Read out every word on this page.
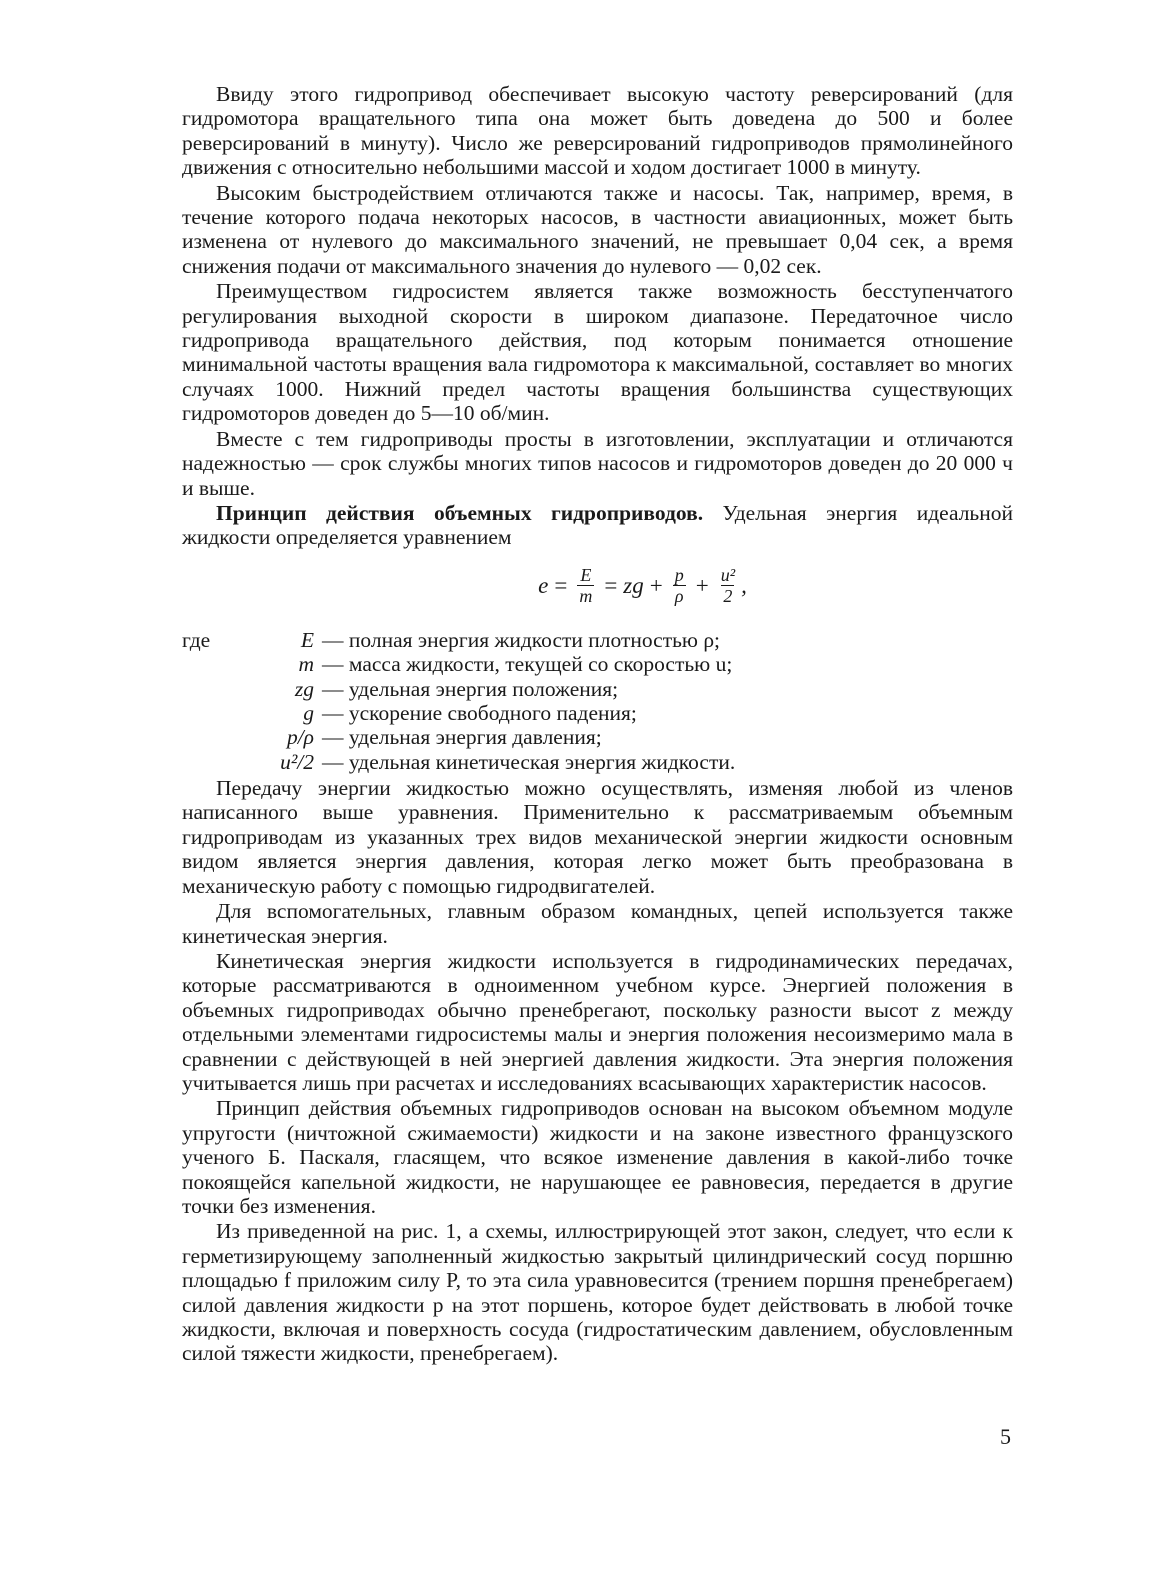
Ввиду этого гидропривод обеспечивает высокую частоту реверсирований (для гидромотора вращательного типа она может быть доведена до 500 и более реверсирований в минуту). Число же реверсирований гидроприводов прямолинейного движения с относительно небольшими массой и ходом достигает 1000 в минуту.

Высоким быстродействием отличаются также и насосы. Так, например, время, в течение которого подача некоторых насосов, в частности авиационных, может быть изменена от нулевого до максимального значений, не превышает 0,04 сек, а время снижения подачи от максимального значения до нулевого — 0,02 сек.

Преимуществом гидросистем является также возможность бесступенчатого регулирования выходной скорости в широком диапазоне. Передаточное число гидропривода вращательного действия, под которым понимается отношение минимальной частоты вращения вала гидромотора к максимальной, составляет во многих случаях 1000. Нижний предел частоты вращения большинства существующих гидромоторов доведен до 5—10 об/мин.

Вместе с тем гидроприводы просты в изготовлении, эксплуатации и отличаются надежностью — срок службы многих типов насосов и гидромоторов доведен до 20 000 ч и выше.

Принцип действия объемных гидроприводов. Удельная энергия идеальной жидкости определяется уравнением

$e = \frac{E}{m}$ = zg + $\frac{p}{\rho} + \frac{\text{u²}}{2}$ ,
где	E — полная энергия жидкости плотностью ρ;
m — масса жидкости, текущей со скоростью u;
zg — удельная энергия положения;
g — ускорение свободного падения;
p/ρ — удельная энергия давления;
u²/2 — удельная кинетическая энергия жидкости.

Передачу энергии жидкостью можно осуществлять, изменяя любой из членов написанного выше уравнения. Применительно к рассматриваемым объемным гидроприводам из указанных трех видов механической энергии жидкости основным видом является энергия давления, которая легко может быть преобразована в механическую работу с помощью гидродвигателей.

Для вспомогательных, главным образом командных, цепей используется также кинетическая энергия.

Кинетическая энергия жидкости используется в гидродинамических передачах, которые рассматриваются в одноименном учебном курсе. Энергией положения в объемных гидроприводах обычно пренебрегают, поскольку разности высот z между отдельными элементами гидросистемы малы и энергия положения несоизмеримо мала в сравнении с действующей в ней энергией давления жидкости. Эта энергия положения учитывается лишь при расчетах и исследованиях всасывающих характеристик насосов.

Принцип действия объемных гидроприводов основан на высоком объемном модуле упругости (ничтожной сжимаемости) жидкости и на законе известного французского ученого Б. Паскаля, гласящем, что всякое изменение давления в какой-либо точке покоящейся капельной жидкости, не нарушающее ее равновесия, передается в другие точки без изменения.

Из приведенной на рис. 1, а схемы, иллюстрирующей этот закон, следует, что если к герметизирующему заполненный жидкостью закрытый цилиндрический сосуд поршню площадью f приложим силу P, то эта сила уравновесится (трением поршня пренебрегаем) силой давления жидкости p на этот поршень, которое будет действовать в любой точке жидкости, включая и поверхность сосуда (гидростатическим давлением, обусловленным силой тяжести жидкости, пренебрегаем).

5
